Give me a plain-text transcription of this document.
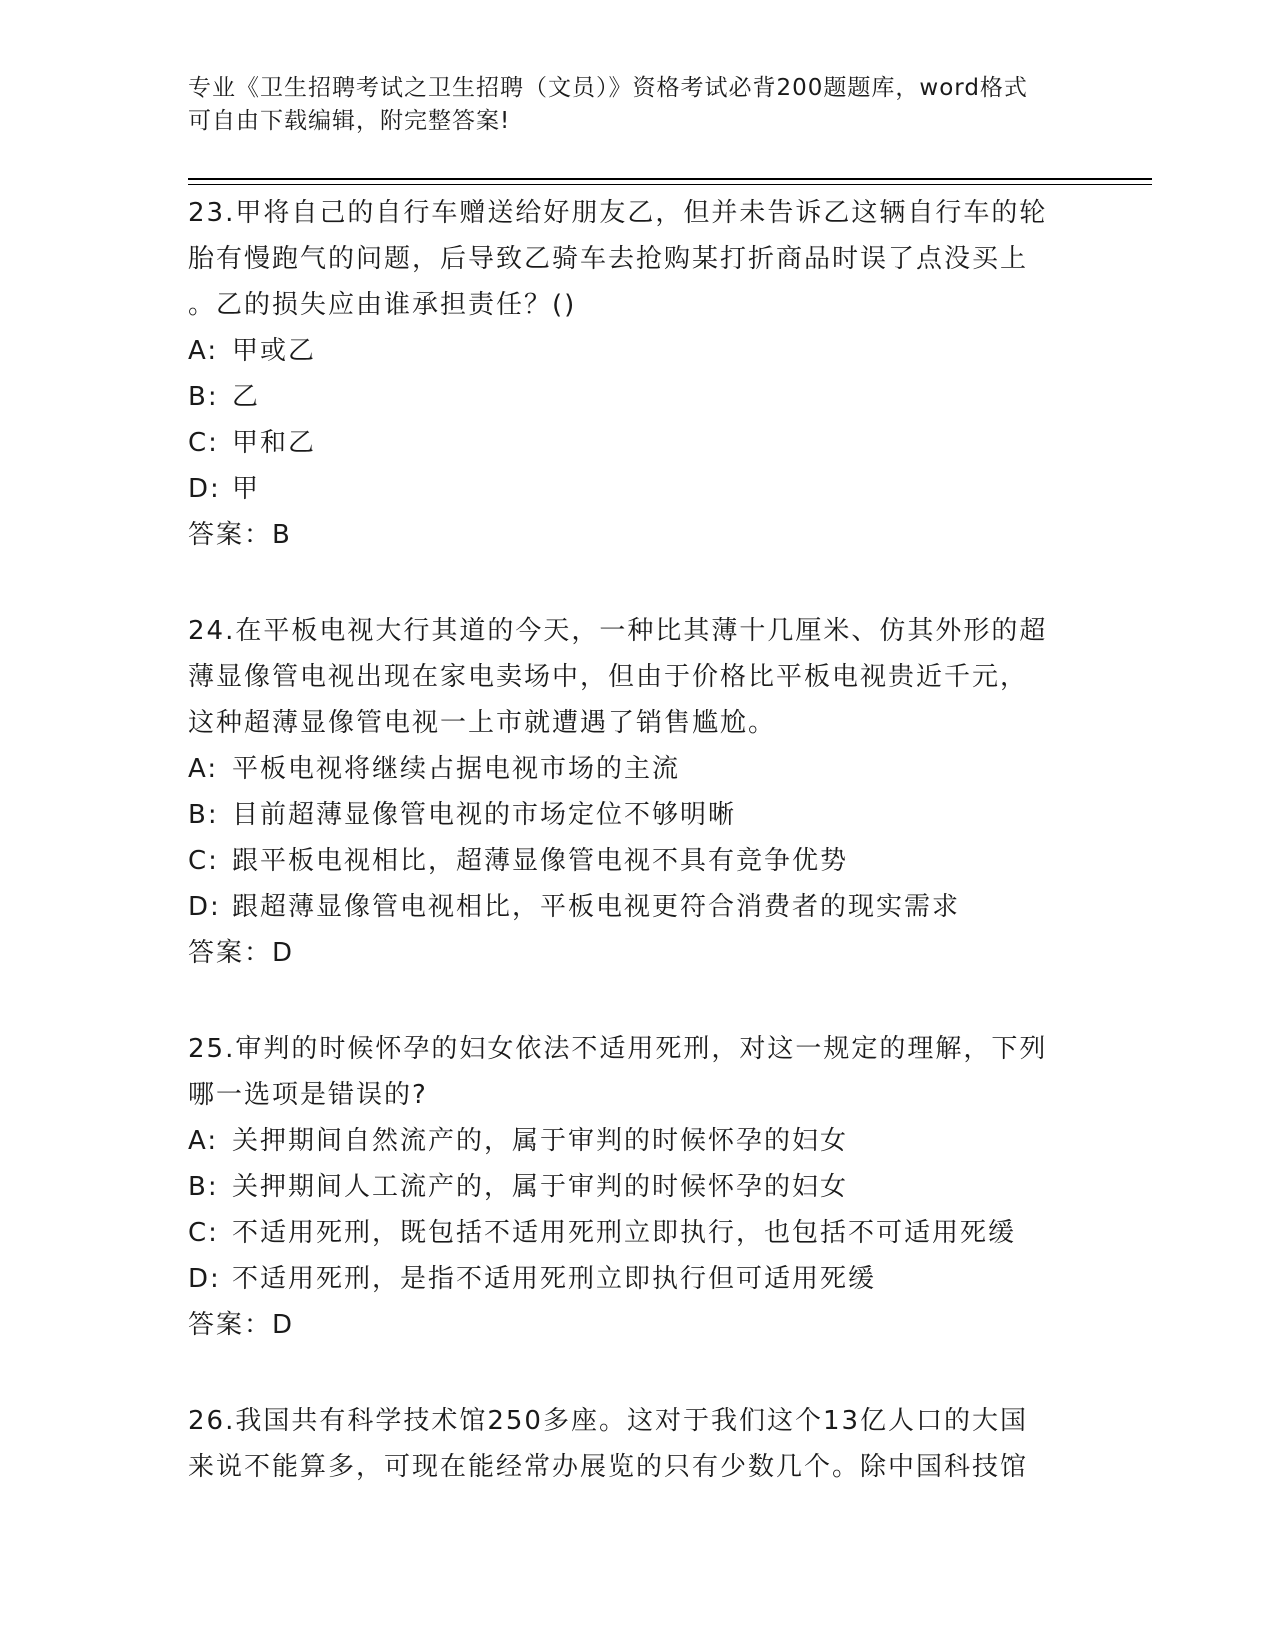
专业《卫生招聘考试之卫生招聘（文员）》资格考试必背200题题库，word格式
可自由下载编辑，附完整答案!
23.甲将自己的自行车赠送给好朋友乙，但并未告诉乙这辆自行车的轮
胎有慢跑气的问题，后导致乙骑车去抢购某打折商品时误了点没买上
。乙的损失应由谁承担责任？()
A: 甲或乙
B: 乙
C: 甲和乙
D: 甲
答案：B
24.在平板电视大行其道的今天，一种比其薄十几厘米、仿其外形的超
薄显像管电视出现在家电卖场中，但由于价格比平板电视贵近千元，
这种超薄显像管电视一上市就遭遇了销售尴尬。
A: 平板电视将继续占据电视市场的主流
B: 目前超薄显像管电视的市场定位不够明晰
C: 跟平板电视相比，超薄显像管电视不具有竞争优势
D: 跟超薄显像管电视相比，平板电视更符合消费者的现实需求
答案：D
25.审判的时候怀孕的妇女依法不适用死刑，对这一规定的理解，下列
哪一选项是错误的?
A: 关押期间自然流产的，属于审判的时候怀孕的妇女
B: 关押期间人工流产的，属于审判的时候怀孕的妇女
C: 不适用死刑，既包括不适用死刑立即执行，也包括不可适用死缓
D: 不适用死刑，是指不适用死刑立即执行但可适用死缓
答案：D
26.我国共有科学技术馆250多座。这对于我们这个13亿人口的大国
来说不能算多，可现在能经常办展览的只有少数几个。除中国科技馆
